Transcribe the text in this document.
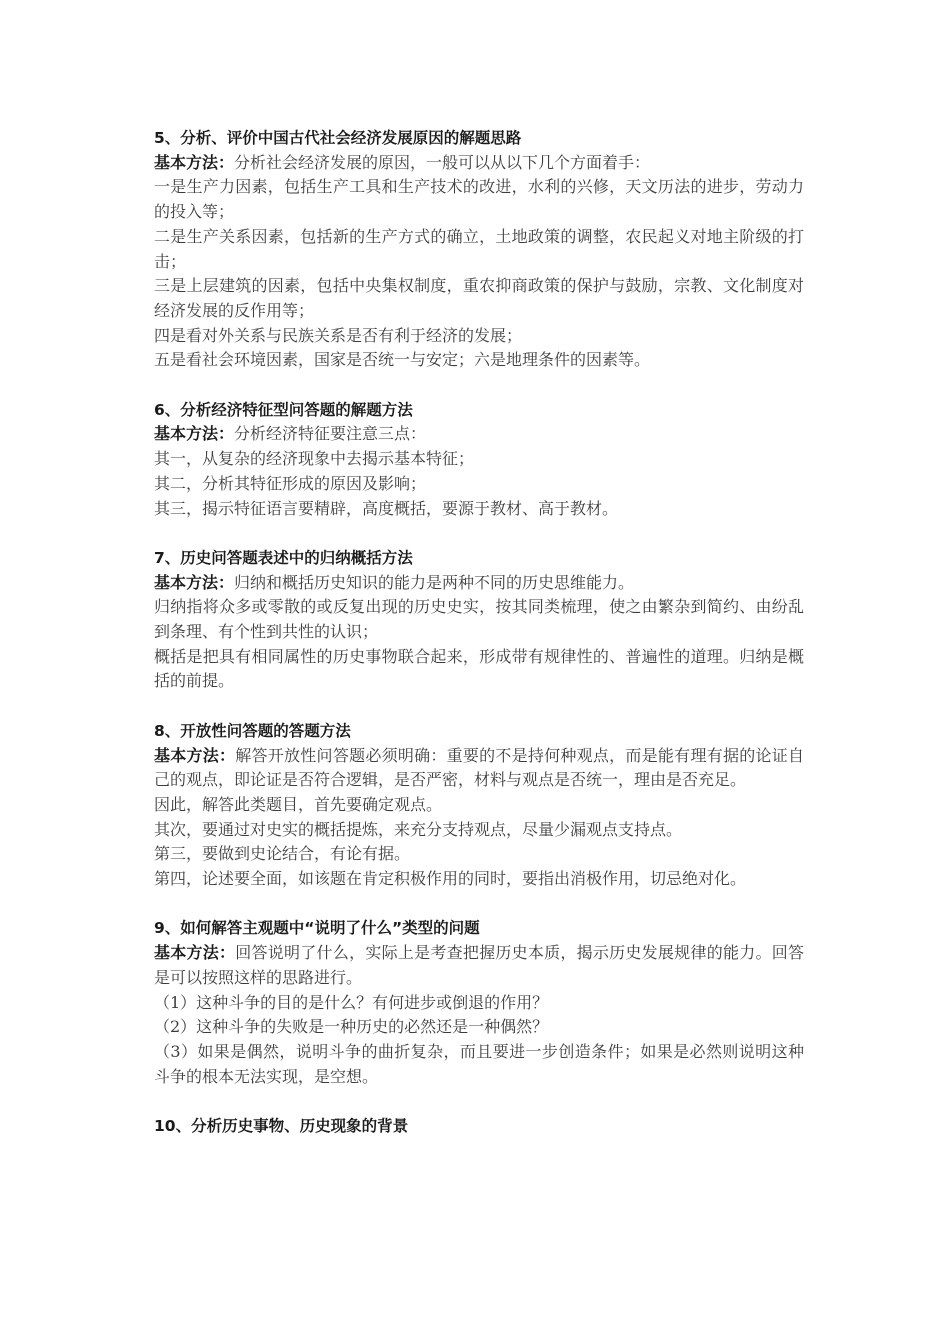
5、分析、评价中国古代社会经济发展原因的解题思路

基本方法：分析社会经济发展的原因，一般可以从以下几个方面着手：

一是生产力因素，包括生产工具和生产技术的改进，水利的兴修，天文历法的进步，劳动力的投入等；

二是生产关系因素，包括新的生产方式的确立，土地政策的调整，农民起义对地主阶级的打击；

三是上层建筑的因素，包括中央集权制度，重农抑商政策的保护与鼓励，宗教、文化制度对经济发展的反作用等；

四是看对外关系与民族关系是否有利于经济的发展；

五是看社会环境因素，国家是否统一与安定；六是地理条件的因素等。

6、分析经济特征型问答题的解题方法

基本方法：分析经济特征要注意三点：

其一，从复杂的经济现象中去揭示基本特征；

其二，分析其特征形成的原因及影响；

其三，揭示特征语言要精辟，高度概括，要源于教材、高于教材。

7、历史问答题表述中的归纳概括方法

基本方法：归纳和概括历史知识的能力是两种不同的历史思维能力。

归纳指将众多或零散的或反复出现的历史史实，按其同类梳理，使之由繁杂到简约、由纷乱到条理、有个性到共性的认识；

概括是把具有相同属性的历史事物联合起来，形成带有规律性的、普遍性的道理。归纳是概括的前提。

8、开放性问答题的答题方法

基本方法：解答开放性问答题必须明确：重要的不是持何种观点，而是能有理有据的论证自己的观点，即论证是否符合逻辑，是否严密，材料与观点是否统一，理由是否充足。

因此，解答此类题目，首先要确定观点。

其次，要通过对史实的概括提炼，来充分支持观点，尽量少漏观点支持点。

第三，要做到史论结合，有论有据。

第四，论述要全面，如该题在肯定积极作用的同时，要指出消极作用，切忌绝对化。

9、如何解答主观题中“说明了什么”类型的问题

基本方法：回答说明了什么，实际上是考查把握历史本质，揭示历史发展规律的能力。回答是可以按照这样的思路进行。

（1）这种斗争的目的是什么？有何进步或倒退的作用？

（2）这种斗争的失败是一种历史的必然还是一种偶然？

（3）如果是偶然，说明斗争的曲折复杂，而且要进一步创造条件；如果是必然则说明这种斗争的根本无法实现，是空想。

10、分析历史事物、历史现象的背景
